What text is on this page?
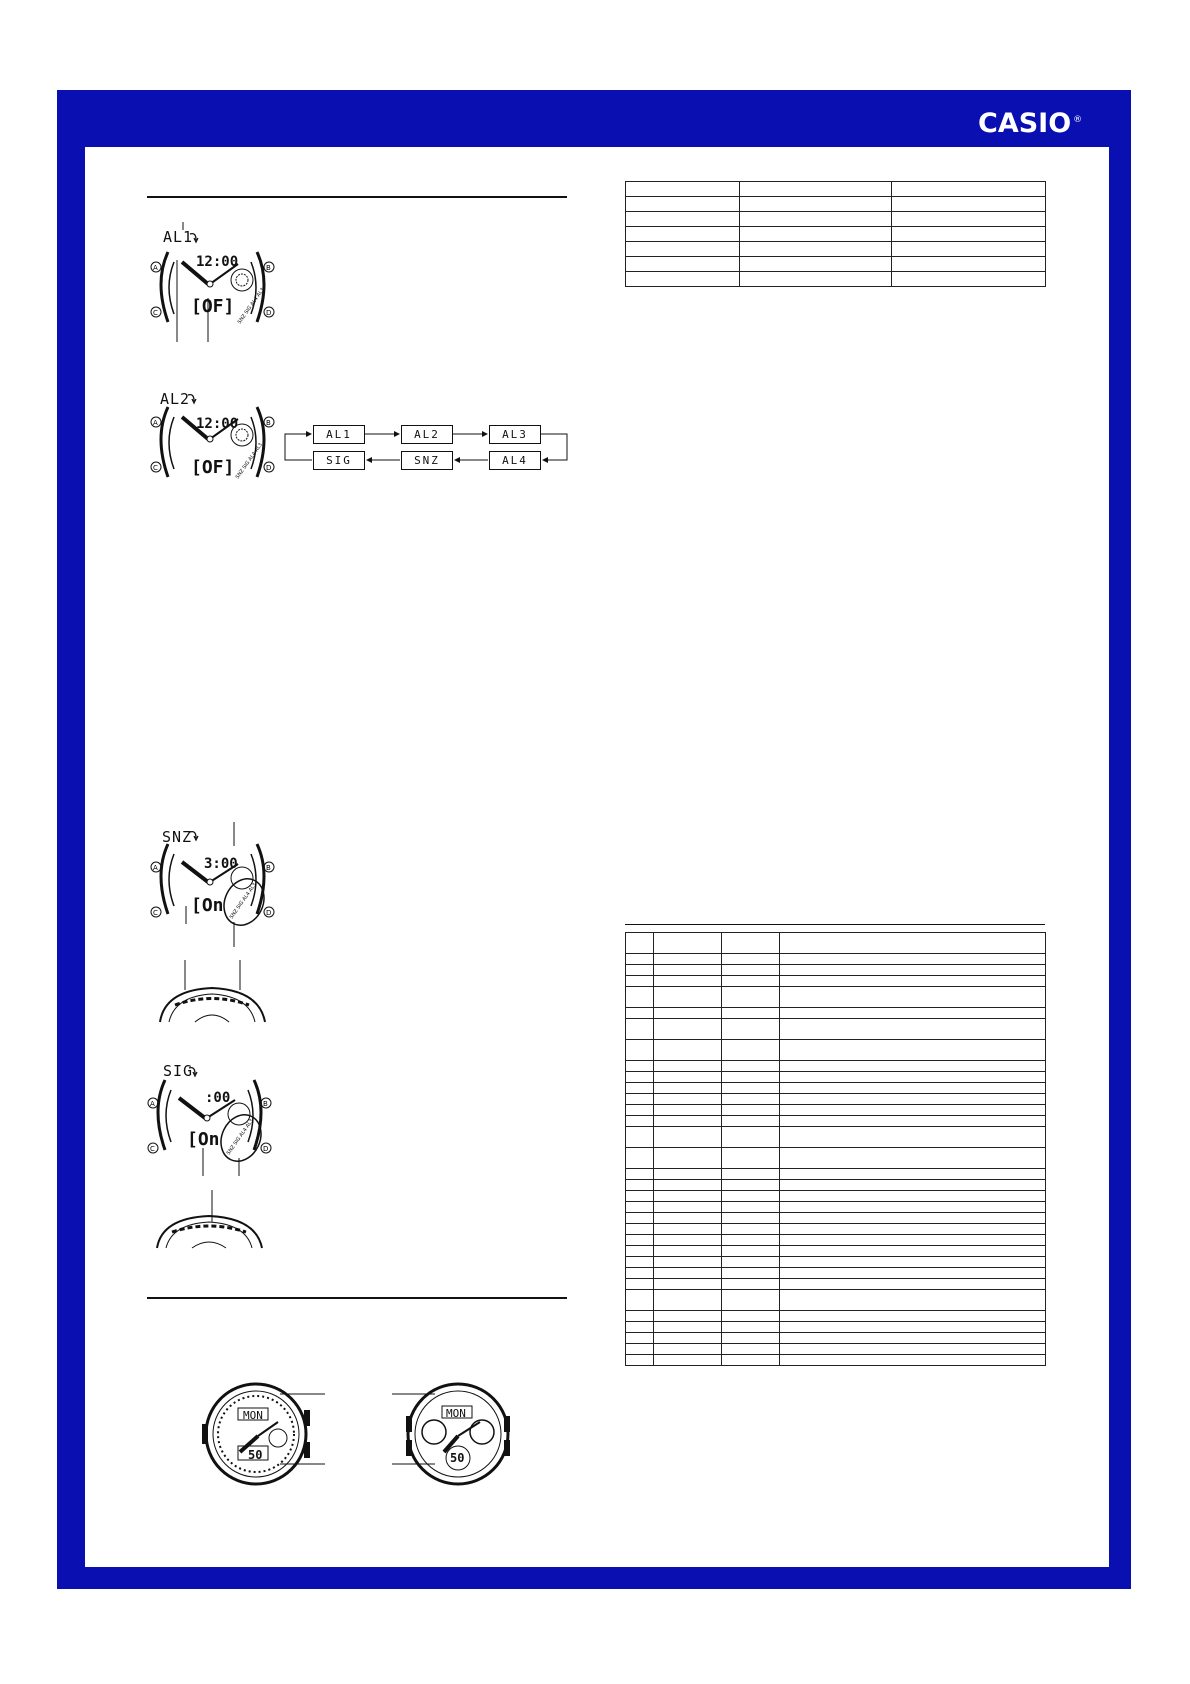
CASIO ®
AL1
A	B
C	D
SNZ SIG AL4 AL3
12:00
[OF]
AL2
A	B
C	D
SNZ SIG AL4 AL3
12:00
[OF]
AL1	AL2	AL3
AL4
SNZ
SIG
SNZ
A	B
C	D
SNZ SIG AL4 AL3
3:00
[On
SIG
A	B
C	D
SNZ SIG AL4 AL3
:00
[On
MON
50
MON
50
